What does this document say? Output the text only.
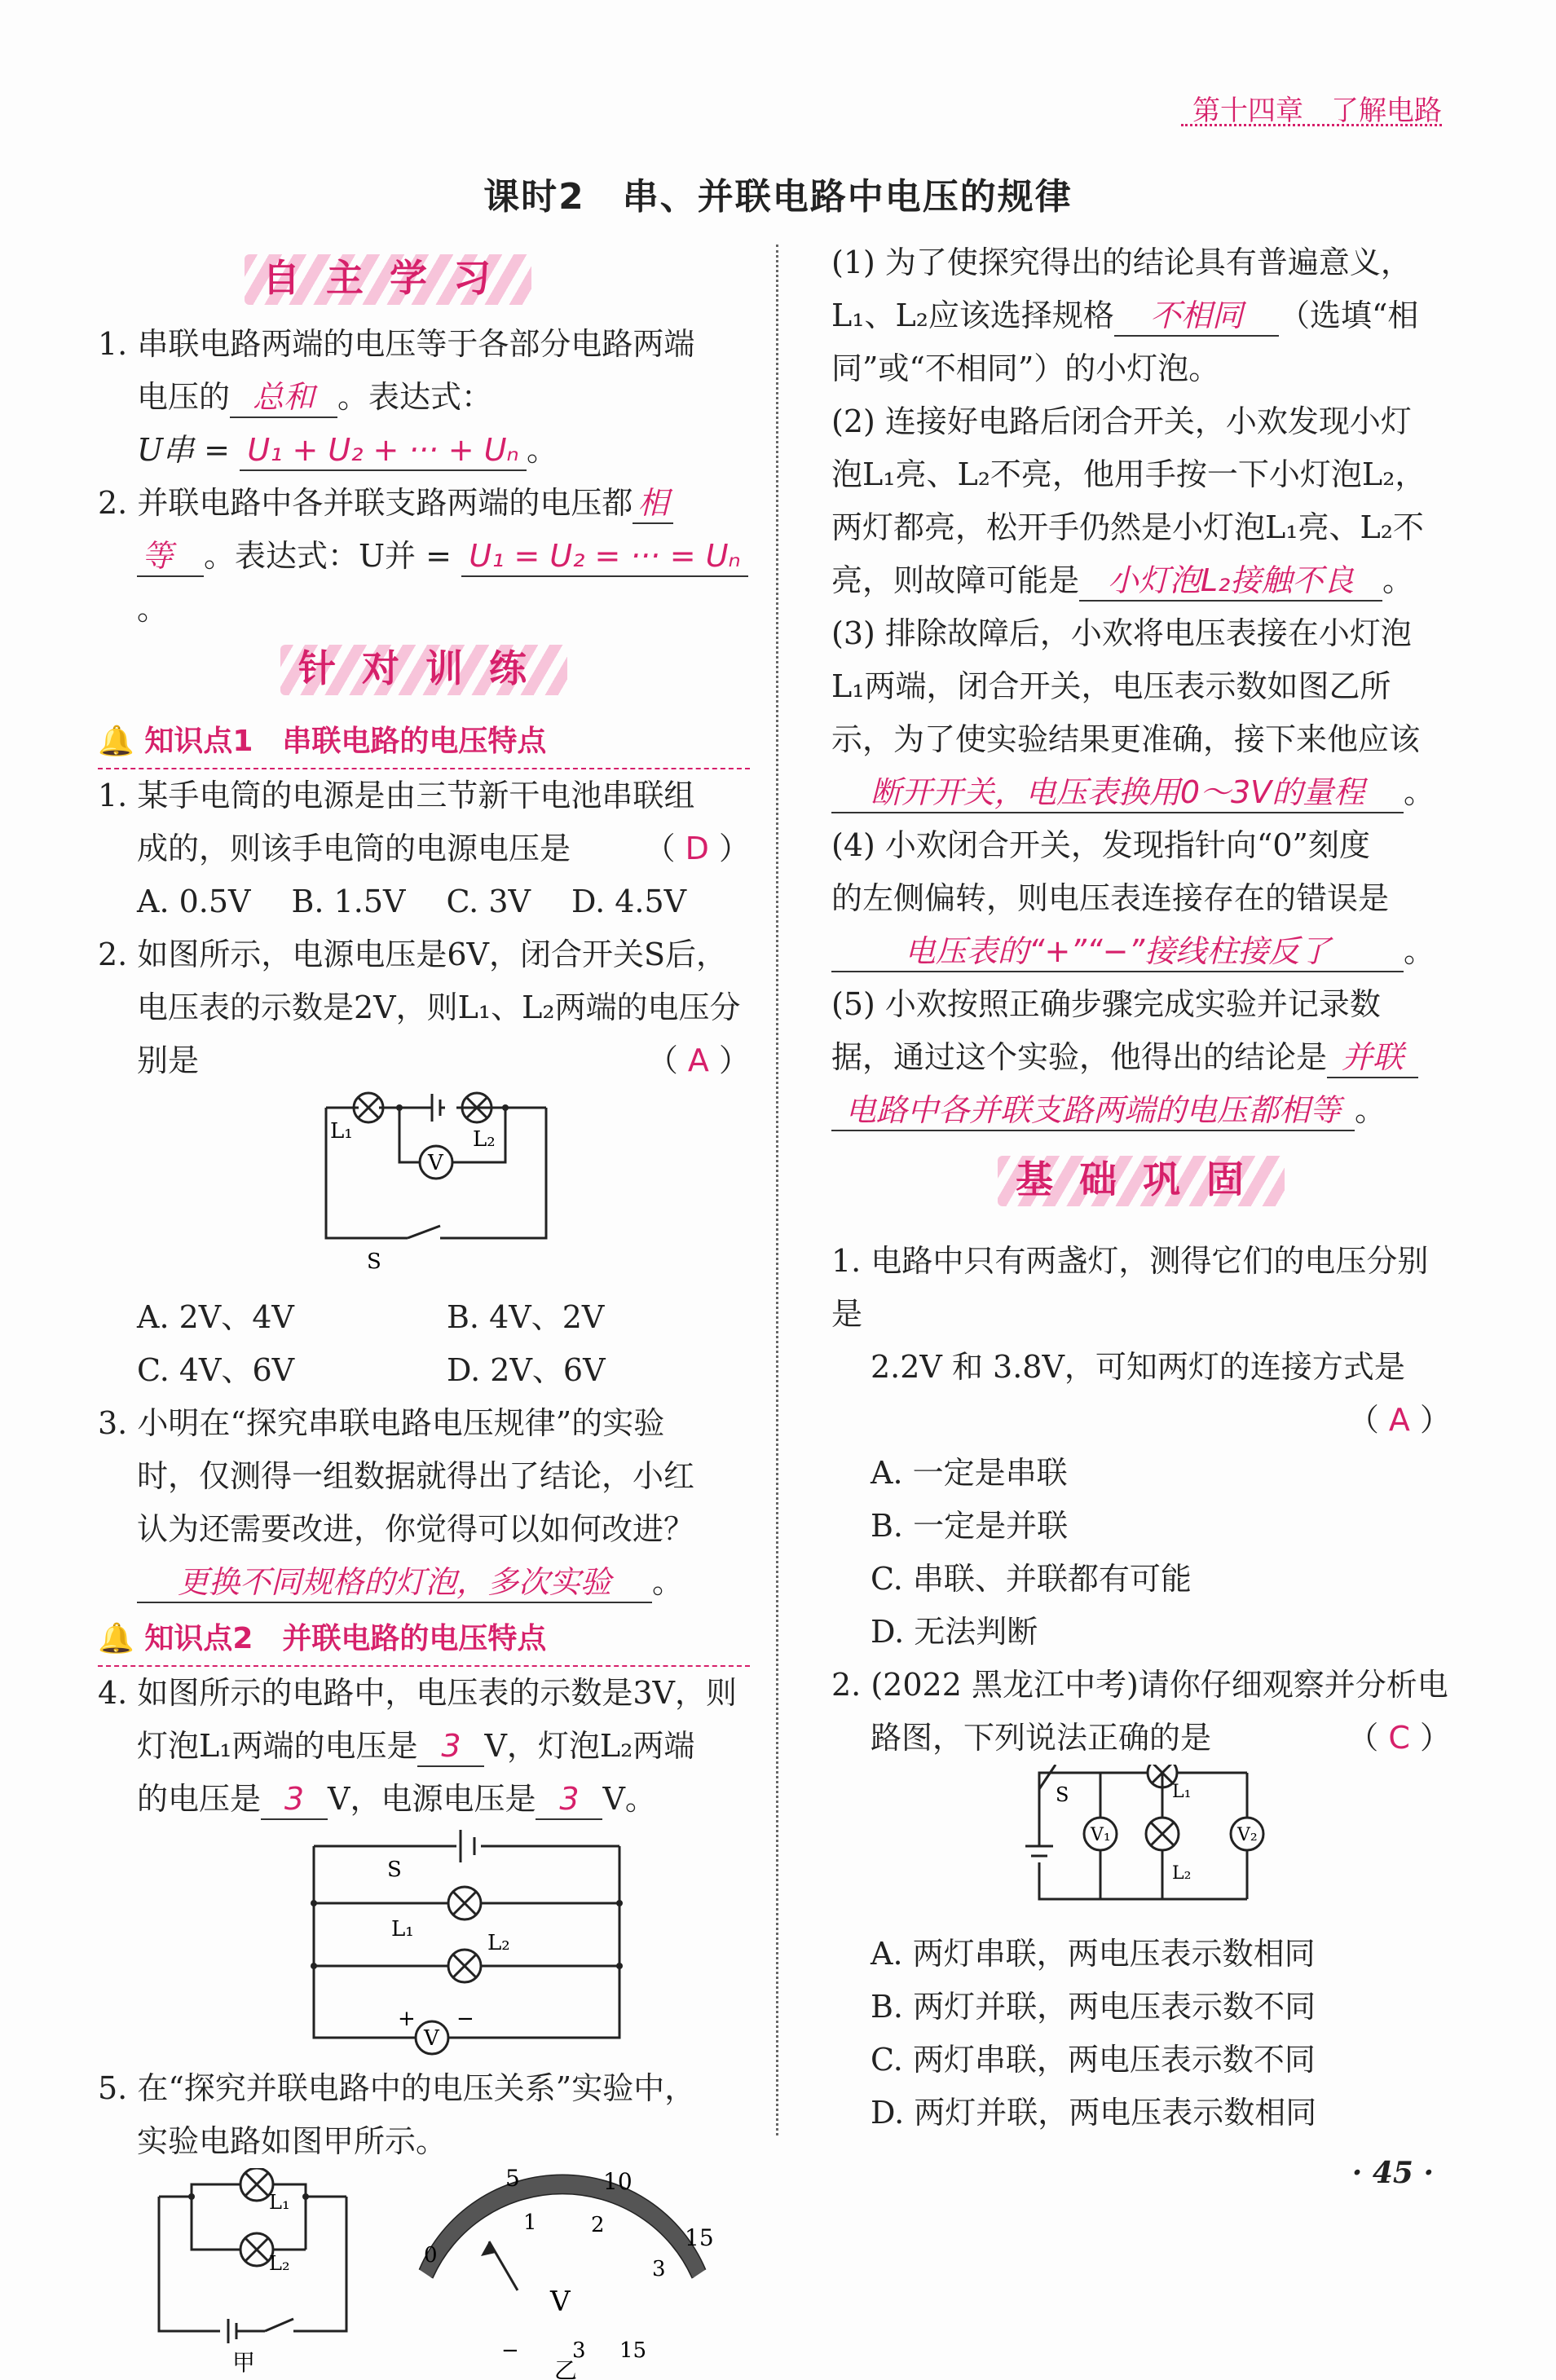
第十四章　了解电路
课时2　串、并联电路中电压的规律
自主学习

1. 串联电路两端的电压等于各部分电路两端

电压的 总和 。表达式：

U串 = U₁ + U₂ + ··· + Uₙ 。

2. 并联电路中各并联支路两端的电压都 相

等 。表达式：U并 = U₁ = U₂ = ··· = Uₙ。

针对训练

🔔 知识点1　串联电路的电压特点

1. 某手电筒的电源是由三节新干电池串联组

成的，则该手电筒的电源电压是 （ D ）

A. 0.5V B. 1.5V C. 3V D. 4.5V

2. 如图所示，电源电压是6V，闭合开关S后，

电压表的示数是2V，则L₁、L₂两端的电压分

别是	（ A ）

L₁	L₂
V
S
A. 2V、4V	B. 4V、2V
C. 4V、6V	D. 2V、6V

3. 小明在“探究串联电路电压规律”的实验

时，仅测得一组数据就得出了结论，小红

认为还需要改进，你觉得可以如何改进？

更换不同规格的灯泡，多次实验 。

🔔 知识点2　并联电路的电压特点

4. 如图所示的电路中，电压表的示数是3V，则

灯泡L₁两端的电压是 3 V，灯泡L₂两端

的电压是 3 V，电源电压是 3 V。

S
L₁
L₂
V
+ −

5. 在“探究并联电路中的电压关系”实验中，

实验电路如图甲所示。

L₁
L₂
甲
5	10
15
0
1	2
3
V
−	3 15
乙

(1) 为了使探究得出的结论具有普遍意义，

L₁、L₂应该选择规格 不相同 （选填“相

同”或“不相同”）的小灯泡。

(2) 连接好电路后闭合开关，小欢发现小灯

泡L₁亮、L₂不亮，他用手按一下小灯泡L₂，

两灯都亮，松开手仍然是小灯泡L₁亮、L₂不

亮，则故障可能是 小灯泡L₂接触不良 。

(3) 排除故障后，小欢将电压表接在小灯泡

L₁两端，闭合开关，电压表示数如图乙所

示，为了使实验结果更准确，接下来他应该

断开开关，电压表换用0～3V的量程 。

(4) 小欢闭合开关，发现指针向“0”刻度

的左侧偏转，则电压表连接存在的错误是

电压表的“+”“−”接线柱接反了 。

(5) 小欢按照正确步骤完成实验并记录数

据，通过这个实验，他得出的结论是 并联

电路中各并联支路两端的电压都相等 。

基础巩固

1. 电路中只有两盏灯，测得它们的电压分别是

2.2V 和 3.8V，可知两灯的连接方式是

（ A ）

A. 一定是串联

B. 一定是并联

C. 串联、并联都有可能

D. 无法判断

2. (2022 黑龙江中考)请你仔细观察并分析电

路图，下列说法正确的是	（ C ）

S	L₁
L₂
V₁	V₂

A. 两灯串联，两电压表示数相同

B. 两灯并联，两电压表示数不同

C. 两灯串联，两电压表示数不同

D. 两灯并联，两电压表示数相同

· 45 ·
